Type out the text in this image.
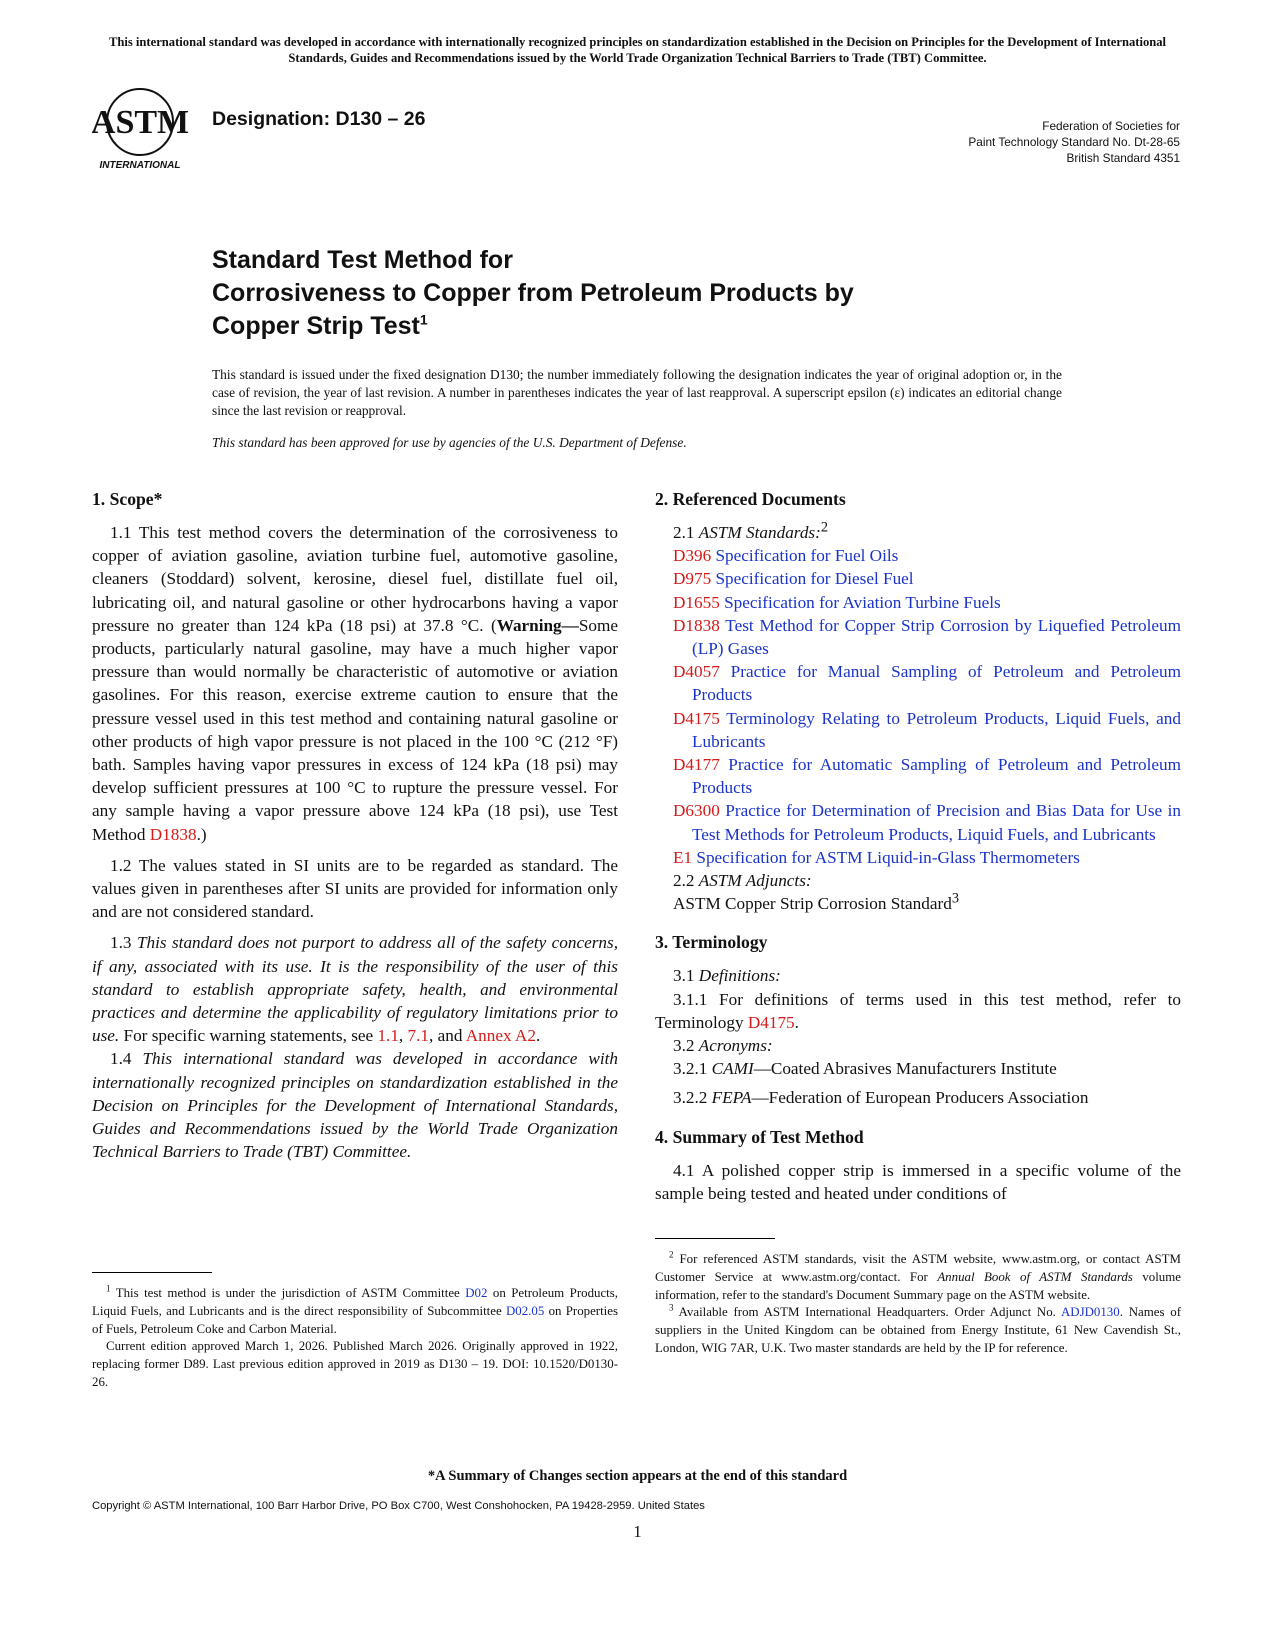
This international standard was developed in accordance with internationally recognized principles on standardization established in the Decision on Principles for the Development of International Standards, Guides and Recommendations issued by the World Trade Organization Technical Barriers to Trade (TBT) Committee.
ASTM
INTERNATIONAL
Designation: D130 – 26	Federation of Societies for
Paint Technology Standard No. Dt-28-65
British Standard 4351
Standard Test Method for
Corrosiveness to Copper from Petroleum Products by
Copper Strip Test$^1$
This standard is issued under the fixed designation D130; the number immediately following the designation indicates the year of original adoption or, in the case of revision, the year of last revision. A number in parentheses indicates the year of last reapproval. A superscript epsilon (ε) indicates an editorial change since the last revision or reapproval.
This standard has been approved for use by agencies of the U.S. Department of Defense.
1. Scope*

1.1 This test method covers the determination of the corrosiveness to copper of aviation gasoline, aviation turbine fuel, automotive gasoline, cleaners (Stoddard) solvent, kerosine, diesel fuel, distillate fuel oil, lubricating oil, and natural gasoline or other hydrocarbons having a vapor pressure no greater than 124 kPa (18 psi) at 37.8 °C. (Warning—Some products, particularly natural gasoline, may have a much higher vapor pressure than would normally be characteristic of automotive or aviation gasolines. For this reason, exercise extreme caution to ensure that the pressure vessel used in this test method and containing natural gasoline or other products of high vapor pressure is not placed in the 100 °C (212 °F) bath. Samples having vapor pressures in excess of 124 kPa (18 psi) may develop sufficient pressures at 100 °C to rupture the pressure vessel. For any sample having a vapor pressure above 124 kPa (18 psi), use Test Method D1838.)

1.2 The values stated in SI units are to be regarded as standard. The values given in parentheses after SI units are provided for information only and are not considered standard.

1.3 This standard does not purport to address all of the safety concerns, if any, associated with its use. It is the responsibility of the user of this standard to establish appropriate safety, health, and environmental practices and determine the applicability of regulatory limitations prior to use. For specific warning statements, see 1.1, 7.1, and Annex A2.

1.4 This international standard was developed in accordance with internationally recognized principles on standardization established in the Decision on Principles for the Development of International Standards, Guides and Recommendations issued by the World Trade Organization Technical Barriers to Trade (TBT) Committee.

$^1$ This test method is under the jurisdiction of ASTM Committee D02 on Petroleum Products, Liquid Fuels, and Lubricants and is the direct responsibility of Subcommittee D02.05 on Properties of Fuels, Petroleum Coke and Carbon Material.
Current edition approved March 1, 2026. Published March 2026. Originally approved in 1922, replacing former D89. Last previous edition approved in 2019 as D130 – 19. DOI: 10.1520/D0130-26.
2. Referenced Documents
2.1 ASTM Standards:$^2$
D396 Specification for Fuel Oils
D975 Specification for Diesel Fuel
D1655 Specification for Aviation Turbine Fuels
D1838 Test Method for Copper Strip Corrosion by Liquefied Petroleum (LP) Gases
D4057 Practice for Manual Sampling of Petroleum and Petroleum Products
D4175 Terminology Relating to Petroleum Products, Liquid Fuels, and Lubricants
D4177 Practice for Automatic Sampling of Petroleum and Petroleum Products
D6300 Practice for Determination of Precision and Bias Data for Use in Test Methods for Petroleum Products, Liquid Fuels, and Lubricants
E1 Specification for ASTM Liquid-in-Glass Thermometers
2.2 ASTM Adjuncts:
ASTM Copper Strip Corrosion Standard$^3$
3. Terminology
3.1 Definitions:

3.1.1 For definitions of terms used in this test method, refer to Terminology D4175.

3.2 Acronyms:
3.2.1 CAMI—Coated Abrasives Manufacturers Institute
3.2.2 FEPA—Federation of European Producers Association
4. Summary of Test Method

4.1 A polished copper strip is immersed in a specific volume of the sample being tested and heated under conditions of

$^2$ For referenced ASTM standards, visit the ASTM website, www.astm.org, or contact ASTM Customer Service at www.astm.org/contact. For Annual Book of ASTM Standards volume information, refer to the standard's Document Summary page on the ASTM website.
$^3$ Available from ASTM International Headquarters. Order Adjunct No. ADJD0130. Names of suppliers in the United Kingdom can be obtained from Energy Institute, 61 New Cavendish St., London, WIG 7AR, U.K. Two master standards are held by the IP for reference.
*A Summary of Changes section appears at the end of this standard
Copyright © ASTM International, 100 Barr Harbor Drive, PO Box C700, West Conshohocken, PA 19428-2959. United States
1
